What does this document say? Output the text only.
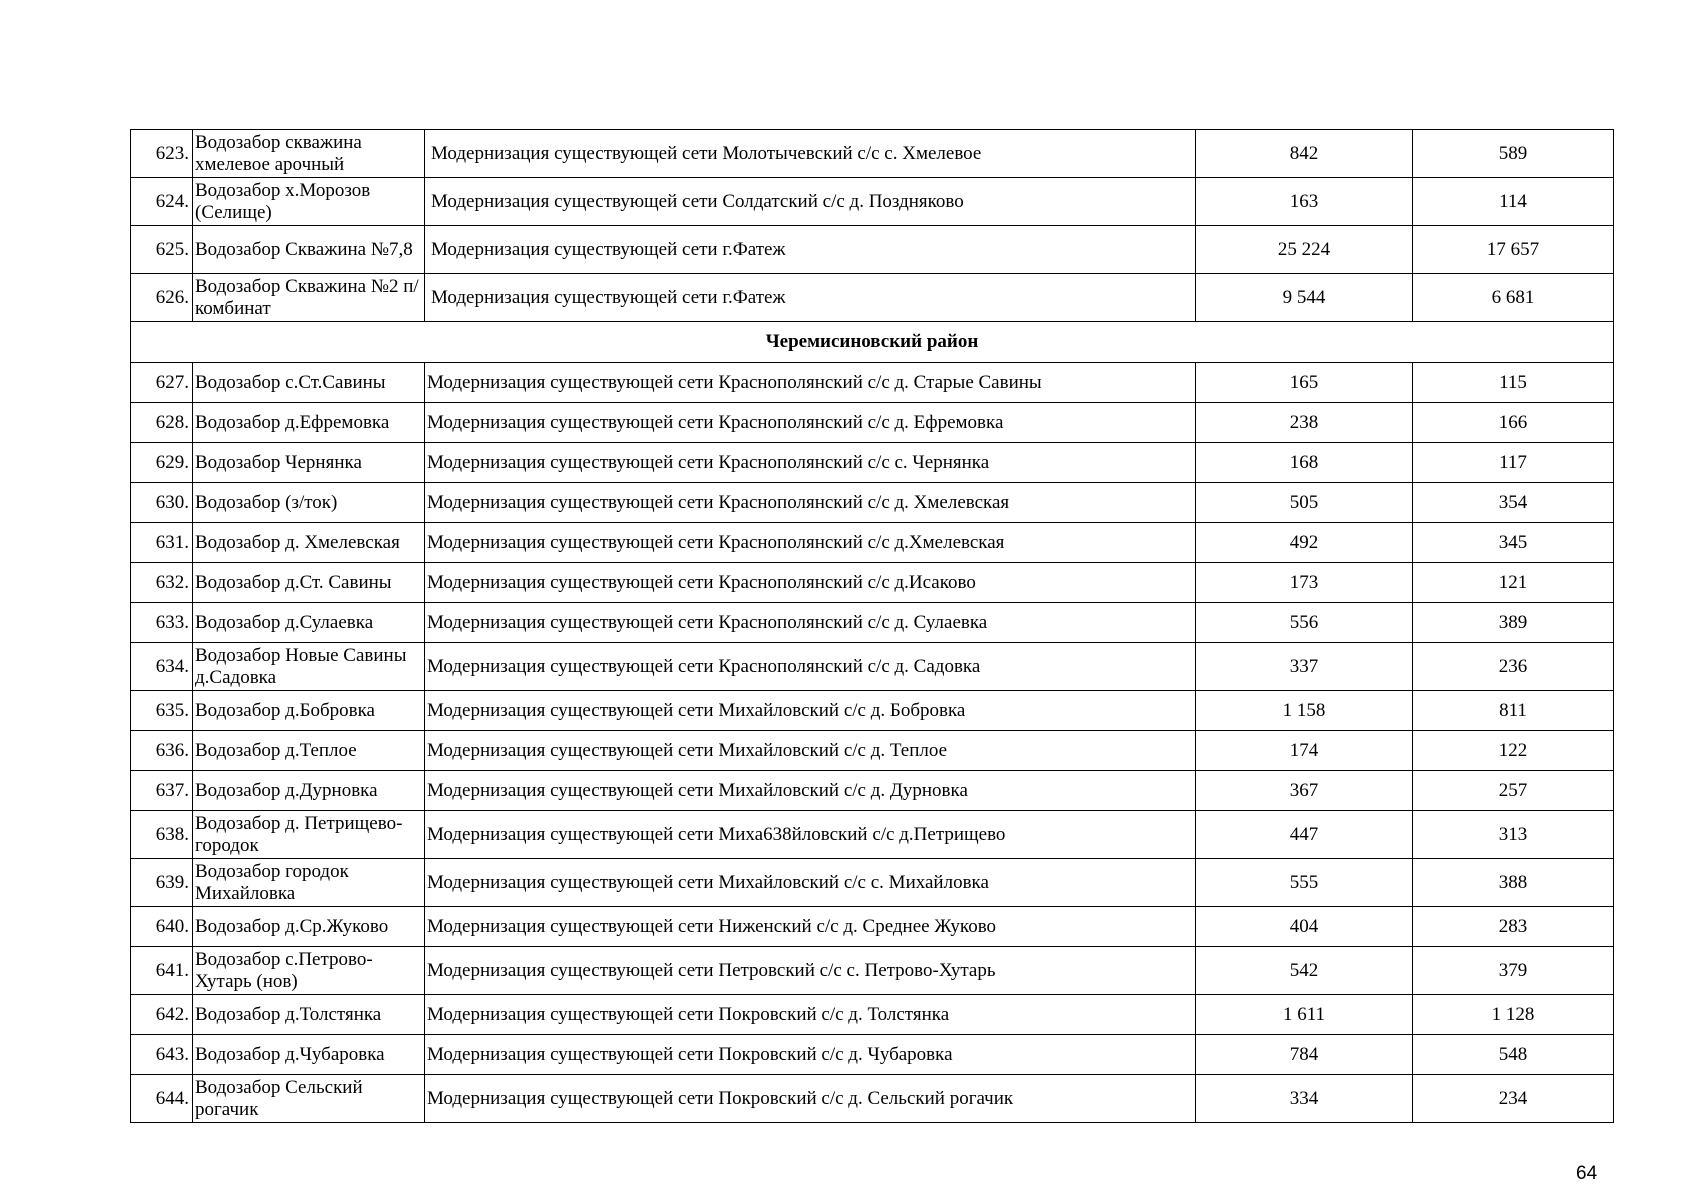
623.	Водозабор скважина хмелевое арочный	Модернизация существующей сети Молотычевский с/с с. Хмелевое	842	589
624.	Водозабор х.Морозов (Селище)	Модернизация существующей сети Солдатский с/с д. Поздняково	163	114
625.	Водозабор Скважина №7,8	Модернизация существующей сети г.Фатеж	25 224	17 657
626.	Водозабор Скважина №2 п/комбинат	Модернизация существующей сети г.Фатеж	9 544	6 681
Черемисиновский район				
627.	Водозабор с.Ст.Савины	Модернизация существующей сети Краснополянский с/с д. Старые Савины	165	115
628.	Водозабор д.Ефремовка	Модернизация существующей сети Краснополянский с/с д. Ефремовка	238	166
629.	Водозабор Чернянка	Модернизация существующей сети Краснополянский с/с с. Чернянка	168	117
630.	Водозабор (з/ток)	Модернизация существующей сети Краснополянский с/с д. Хмелевская	505	354
631.	Водозабор д. Хмелевская	Модернизация существующей сети Краснополянский с/с д.Хмелевская	492	345
632.	Водозабор д.Ст. Савины	Модернизация существующей сети Краснополянский с/с д.Исаково	173	121
633.	Водозабор д.Сулаевка	Модернизация существующей сети Краснополянский с/с д. Сулаевка	556	389
634.	Водозабор Новые Савины д.Садовка	Модернизация существующей сети Краснополянский с/с д. Садовка	337	236
635.	Водозабор д.Бобровка	Модернизация существующей сети Михайловский с/с д. Бобровка	1 158	811
636.	Водозабор д.Теплое	Модернизация существующей сети Михайловский с/с д. Теплое	174	122
637.	Водозабор д.Дурновка	Модернизация существующей сети Михайловский с/с д. Дурновка	367	257
638.	Водозабор д. Петрищево-городок	Модернизация существующей сети Миха638йловский с/с д.Петрищево	447	313
639.	Водозабор городок Михайловка	Модернизация существующей сети Михайловский с/с с. Михайловка	555	388
640.	Водозабор д.Ср.Жуково	Модернизация существующей сети Ниженский с/с д. Среднее Жуково	404	283
641.	Водозабор с.Петрово-Хутарь (нов)	Модернизация существующей сети Петровский с/с с. Петрово-Хутарь	542	379
642.	Водозабор д.Толстянка	Модернизация существующей сети Покровский с/с д. Толстянка	1 611	1 128
643.	Водозабор д.Чубаровка	Модернизация существующей сети Покровский с/с д. Чубаровка	784	548
644.	Водозабор Сельский рогачик	Модернизация существующей сети Покровский с/с д. Сельский рогачик	334	234
64
